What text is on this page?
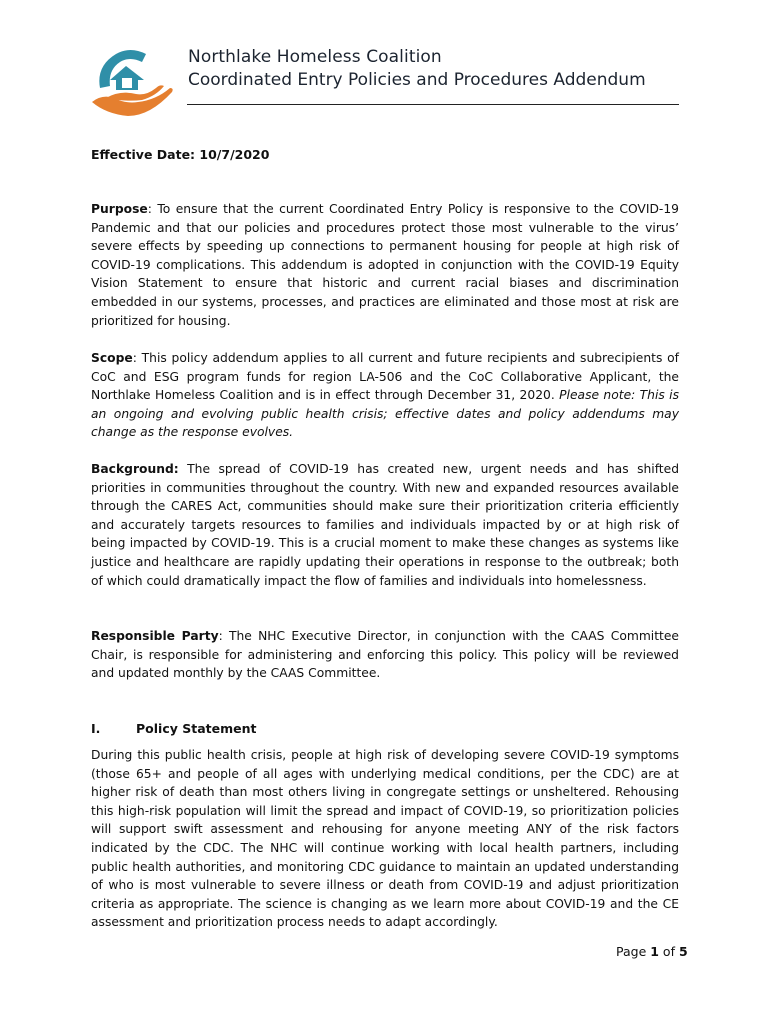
Northlake Homeless Coalition
Coordinated Entry Policies and Procedures Addendum
Effective Date: 10/7/2020

Purpose: To ensure that the current Coordinated Entry Policy is responsive to the COVID-19 Pandemic and that our policies and procedures protect those most vulnerable to the virus’ severe effects by speeding up connections to permanent housing for people at high risk of COVID-19 complications. This addendum is adopted in conjunction with the COVID-19 Equity Vision Statement to ensure that historic and current racial biases and discrimination embedded in our systems, processes, and practices are eliminated and those most at risk are prioritized for housing.

Scope: This policy addendum applies to all current and future recipients and subrecipients of CoC and ESG program funds for region LA-506 and the CoC Collaborative Applicant, the Northlake Homeless Coalition and is in effect through December 31, 2020. Please note: This is an ongoing and evolving public health crisis; effective dates and policy addendums may change as the response evolves.

Background: The spread of COVID-19 has created new, urgent needs and has shifted priorities in communities throughout the country. With new and expanded resources available through the CARES Act, communities should make sure their prioritization criteria efficiently and accurately targets resources to families and individuals impacted by or at high risk of being impacted by COVID-19. This is a crucial moment to make these changes as systems like justice and healthcare are rapidly updating their operations in response to the outbreak; both of which could dramatically impact the flow of families and individuals into homelessness.

Responsible Party: The NHC Executive Director, in conjunction with the CAAS Committee Chair, is responsible for administering and enforcing this policy. This policy will be reviewed and updated monthly by the CAAS Committee.

I.	Policy Statement

During this public health crisis, people at high risk of developing severe COVID-19 symptoms (those 65+ and people of all ages with underlying medical conditions, per the CDC) are at higher risk of death than most others living in congregate settings or unsheltered. Rehousing this high-risk population will limit the spread and impact of COVID-19, so prioritization policies will support swift assessment and rehousing for anyone meeting ANY of the risk factors indicated by the CDC. The NHC will continue working with local health partners, including public health authorities, and monitoring CDC guidance to maintain an updated understanding of who is most vulnerable to severe illness or death from COVID-19 and adjust prioritization criteria as appropriate. The science is changing as we learn more about COVID-19 and the CE assessment and prioritization process needs to adapt accordingly.

Page 1 of 5
